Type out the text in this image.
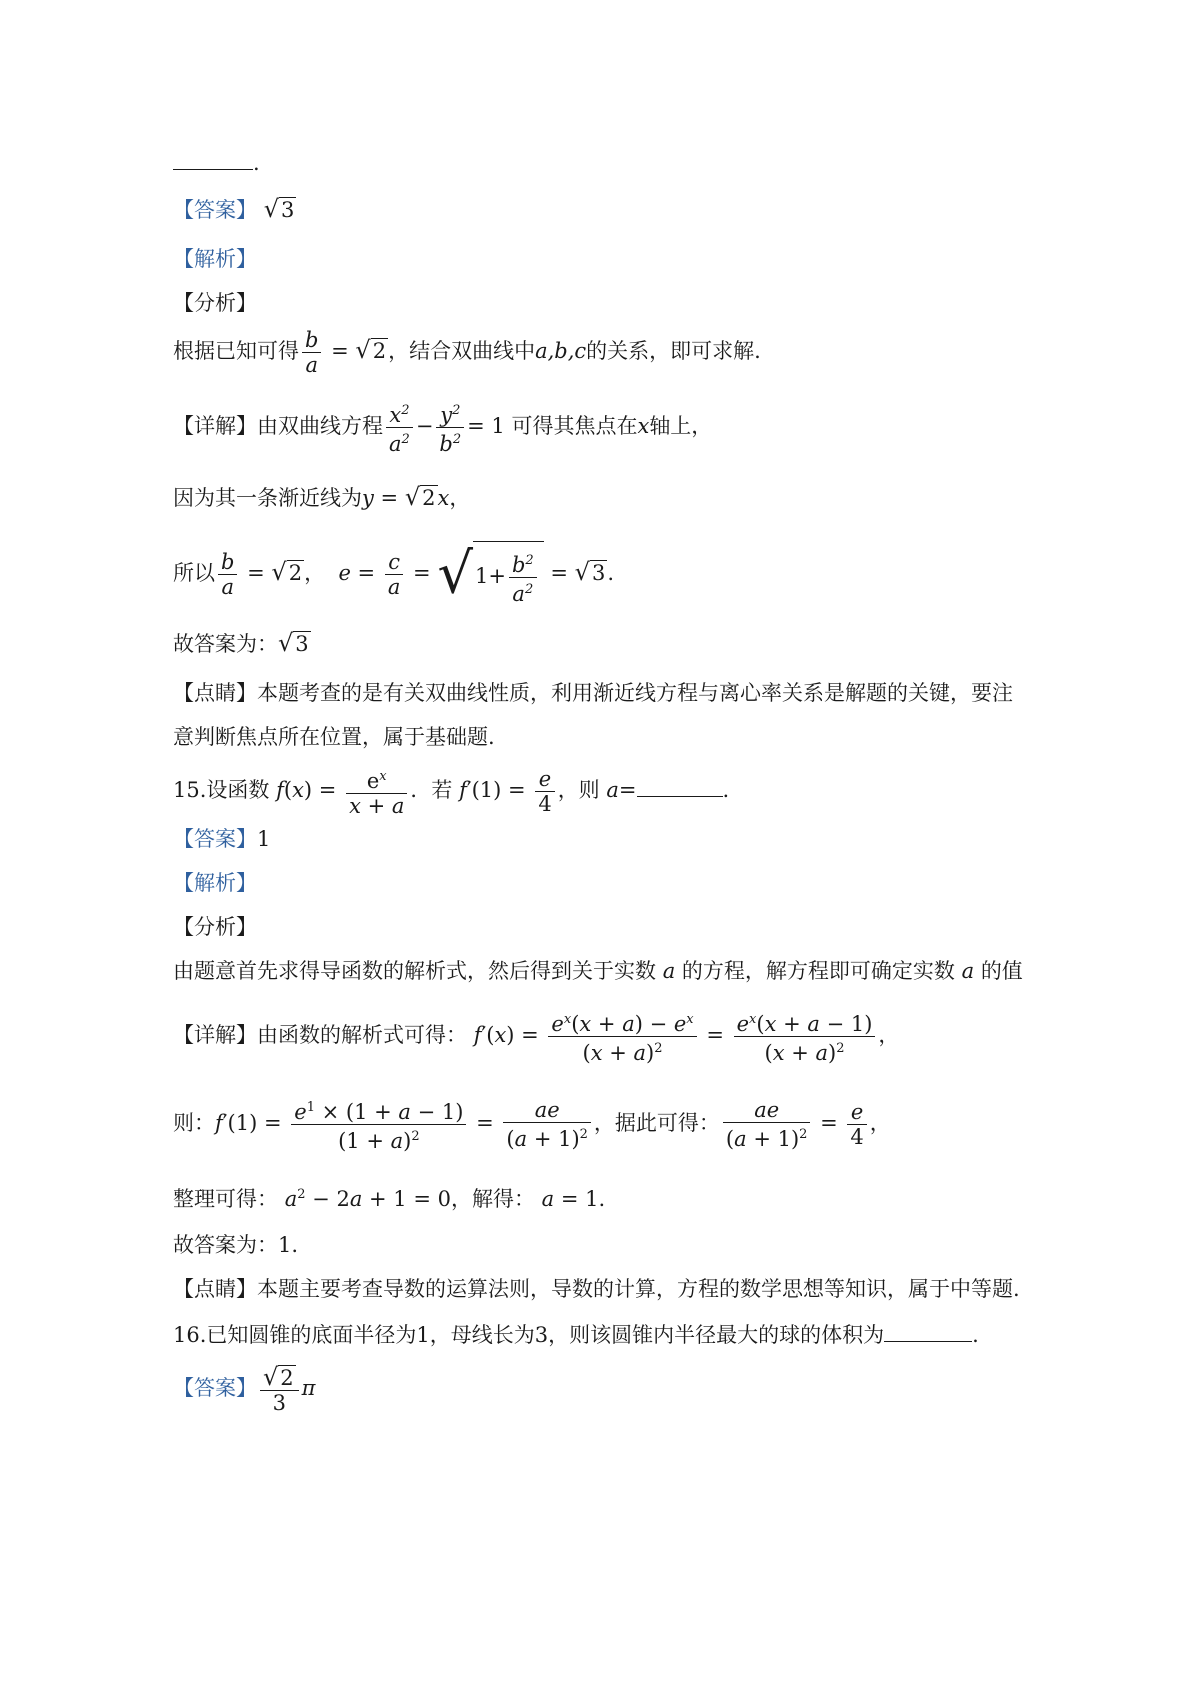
.
【答案】 √3
【解析】
【分析】
根据已知可得 $\frac{b}{a} = √2$，结合双曲线中a,b,c的关系，即可求解.
【详解】由双曲线方程 $\frac{x^2}{a^2} - \frac{y^2}{b^2} = 1$ 可得其焦点在x轴上，
因为其一条渐近线为y = √2x，
所以 $\frac{b}{a} = √2$， $e = \frac{c}{a} = √1+ \frac{b^2}{a^2} = √3$.
故答案为：√3
【点睛】本题考查的是有关双曲线性质，利用渐近线方程与离心率关系是解题的关键，要注
意判断焦点所在位置，属于基础题.
15.设函数 $f(x) = \frac{e^x}{x + a}$ ．若 $f'(1) = \frac{e}{4}$ ，则 a=	.
【答案】1
【解析】
【分析】
由题意首先求得导函数的解析式，然后得到关于实数 a 的方程，解方程即可确定实数 a 的值
【详解】由函数的解析式可得： $f'(x) = \frac{e^x(x + a) - e^x}{(x + a)^2} = \frac{e^x(x + a - 1)}{(x + a)^2}$ ，
则：$f'(1) = \frac{e^1 \times (1 + a - 1)}{(1 + a)^2} = \frac{ae}{(a + 1)^2}$ ，据此可得： $\frac{ae}{(a + 1)^2} = \frac{e}{4}$ ，
整理可得： $a^2 - 2a + 1 = 0$，解得： a = 1.
故答案为：1.
【点睛】本题主要考查导数的运算法则，导数的计算，方程的数学思想等知识，属于中等题.
16.已知圆锥的底面半径为1，母线长为3，则该圆锥内半径最大的球的体积为	.
【答案】 $\frac{√2}{3}$ π
